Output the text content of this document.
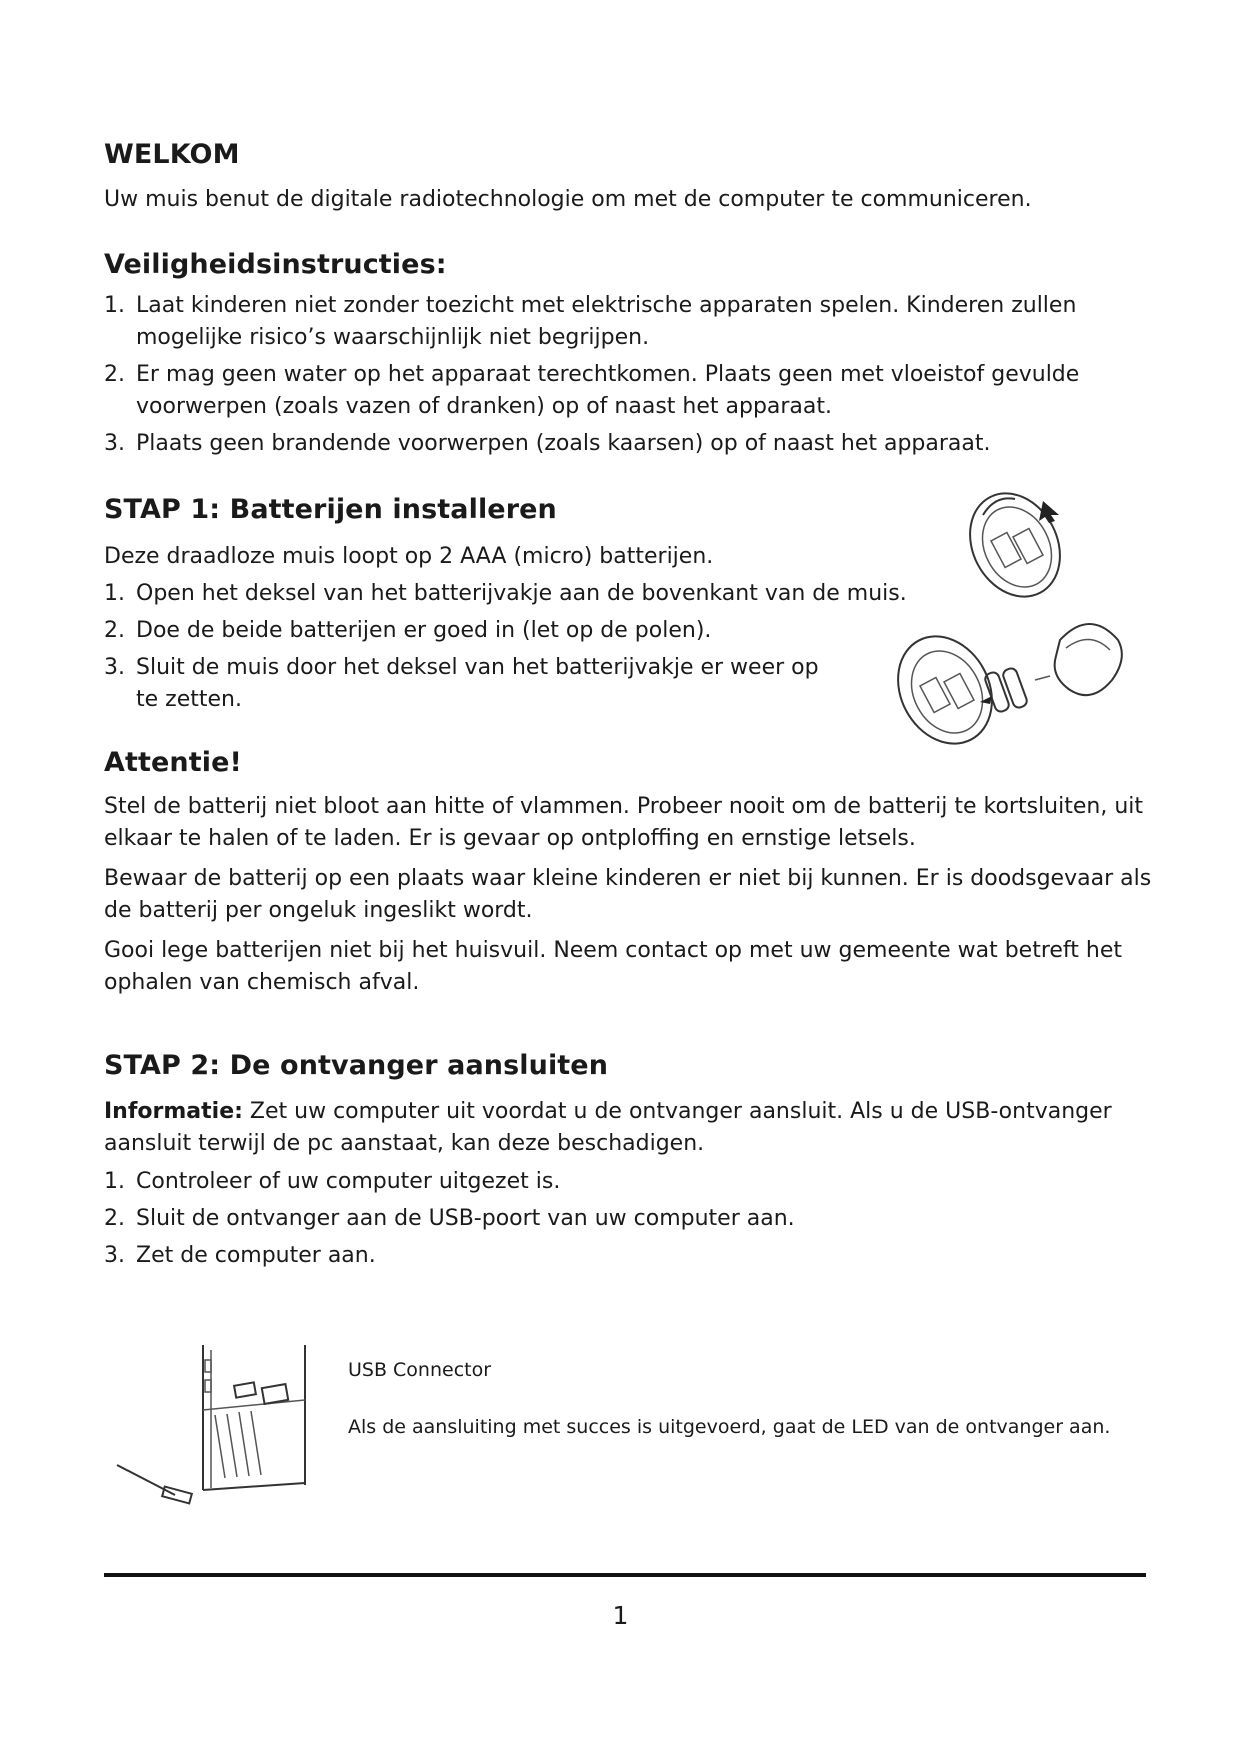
WELKOM

Uw muis benut de digitale radiotechnologie om met de computer te communiceren.

Veiligheidsinstructies:
1. Laat kinderen niet zonder toezicht met elektrische apparaten spelen. Kinderen zullen mogelijke risico’s waarschijnlijk niet begrijpen.
2. Er mag geen water op het apparaat terechtkomen. Plaats geen met vloeistof gevulde voorwerpen (zoals vazen of dranken) op of naast het apparaat.
3. Plaats geen brandende voorwerpen (zoals kaarsen) op of naast het apparaat.
STAP 1: Batterijen installeren

Deze draadloze muis loopt op 2 AAA (micro) batterijen.

1. Open het deksel van het batterijvakje aan de bovenkant van de muis.
2. Doe de beide batterijen er goed in (let op de polen).
3. Sluit de muis door het deksel van het batterijvakje er weer op te zetten.
Attentie!

Stel de batterij niet bloot aan hitte of vlammen. Probeer nooit om de batterij te kortsluiten, uit elkaar te halen of te laden. Er is gevaar op ontploffing en ernstige letsels.

Bewaar de batterij op een plaats waar kleine kinderen er niet bij kunnen. Er is doodsgevaar als de batterij per ongeluk ingeslikt wordt.

Gooi lege batterijen niet bij het huisvuil. Neem contact op met uw gemeente wat betreft het ophalen van chemisch afval.

STAP 2: De ontvanger aansluiten

Informatie: Zet uw computer uit voordat u de ontvanger aansluit. Als u de USB-ontvanger aansluit terwijl de pc aanstaat, kan deze beschadigen.

1. Controleer of uw computer uitgezet is.
2. Sluit de ontvanger aan de USB-poort van uw computer aan.
3. Zet de computer aan.

USB Connector

Als de aansluiting met succes is uitgevoerd, gaat de LED van de ontvanger aan.

1
